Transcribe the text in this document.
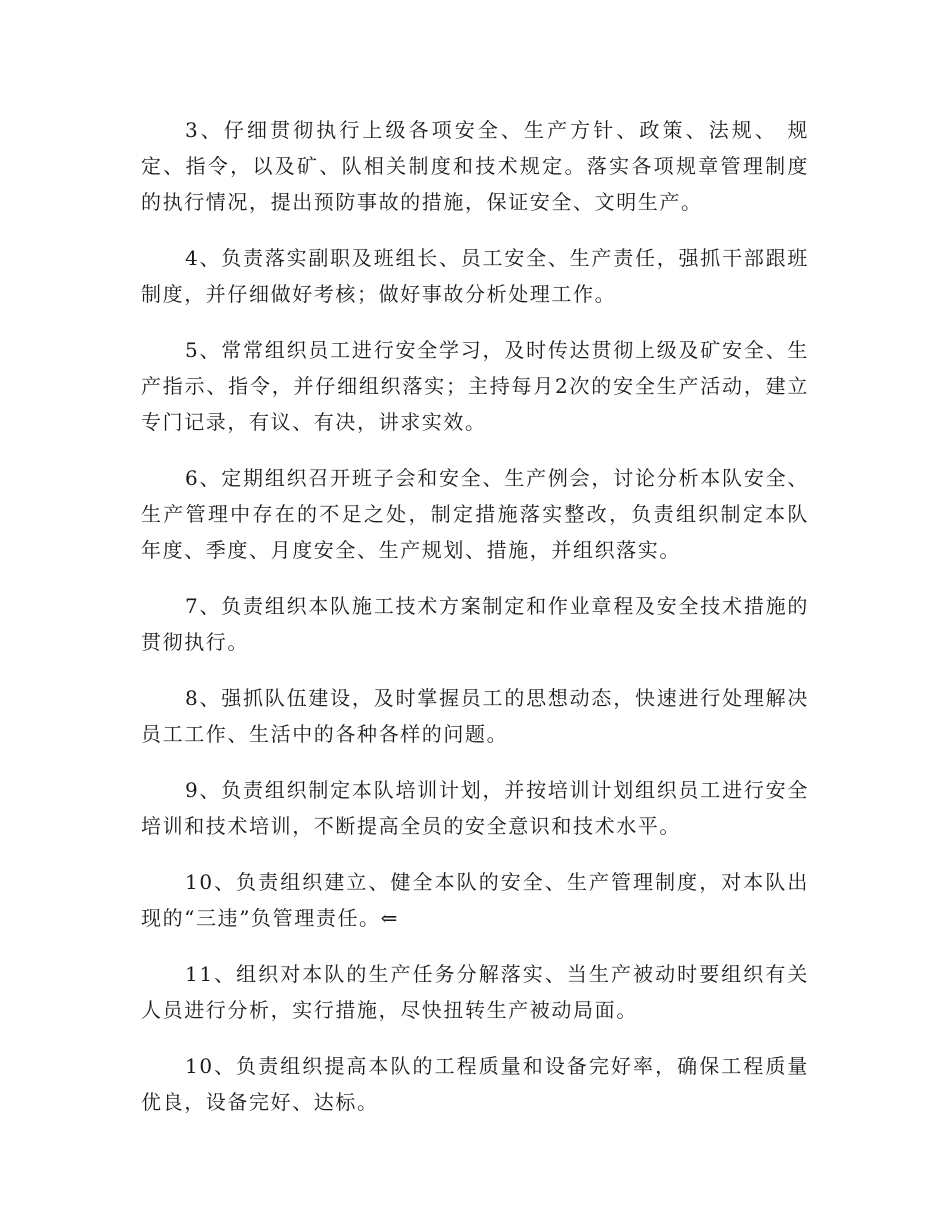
3、仔细贯彻执行上级各项安全、生产方针、政策、法规、 规定、指令，以及矿、队相关制度和技术规定。落实各项规章管理制度的执行情况，提出预防事故的措施，保证安全、文明生产。

4、负责落实副职及班组长、员工安全、生产责任，强抓干部跟班制度，并仔细做好考核；做好事故分析处理工作。

5、常常组织员工进行安全学习，及时传达贯彻上级及矿安全、生产指示、指令，并仔细组织落实；主持每月2次的安全生产活动，建立专门记录，有议、有决，讲求实效。

6、定期组织召开班子会和安全、生产例会，讨论分析本队安全、生产管理中存在的不足之处，制定措施落实整改，负责组织制定本队年度、季度、月度安全、生产规划、措施，并组织落实。

7、负责组织本队施工技术方案制定和作业章程及安全技术措施的贯彻执行。

8、强抓队伍建设，及时掌握员工的思想动态，快速进行处理解决员工工作、生活中的各种各样的问题。

9、负责组织制定本队培训计划，并按培训计划组织员工进行安全培训和技术培训，不断提高全员的安全意识和技术水平。

10、负责组织建立、健全本队的安全、生产管理制度，对本队出现的“三违”负管理责任。⇐

11、组织对本队的生产任务分解落实、当生产被动时要组织有关人员进行分析，实行措施，尽快扭转生产被动局面。

10、负责组织提高本队的工程质量和设备完好率，确保工程质量优良，设备完好、达标。
